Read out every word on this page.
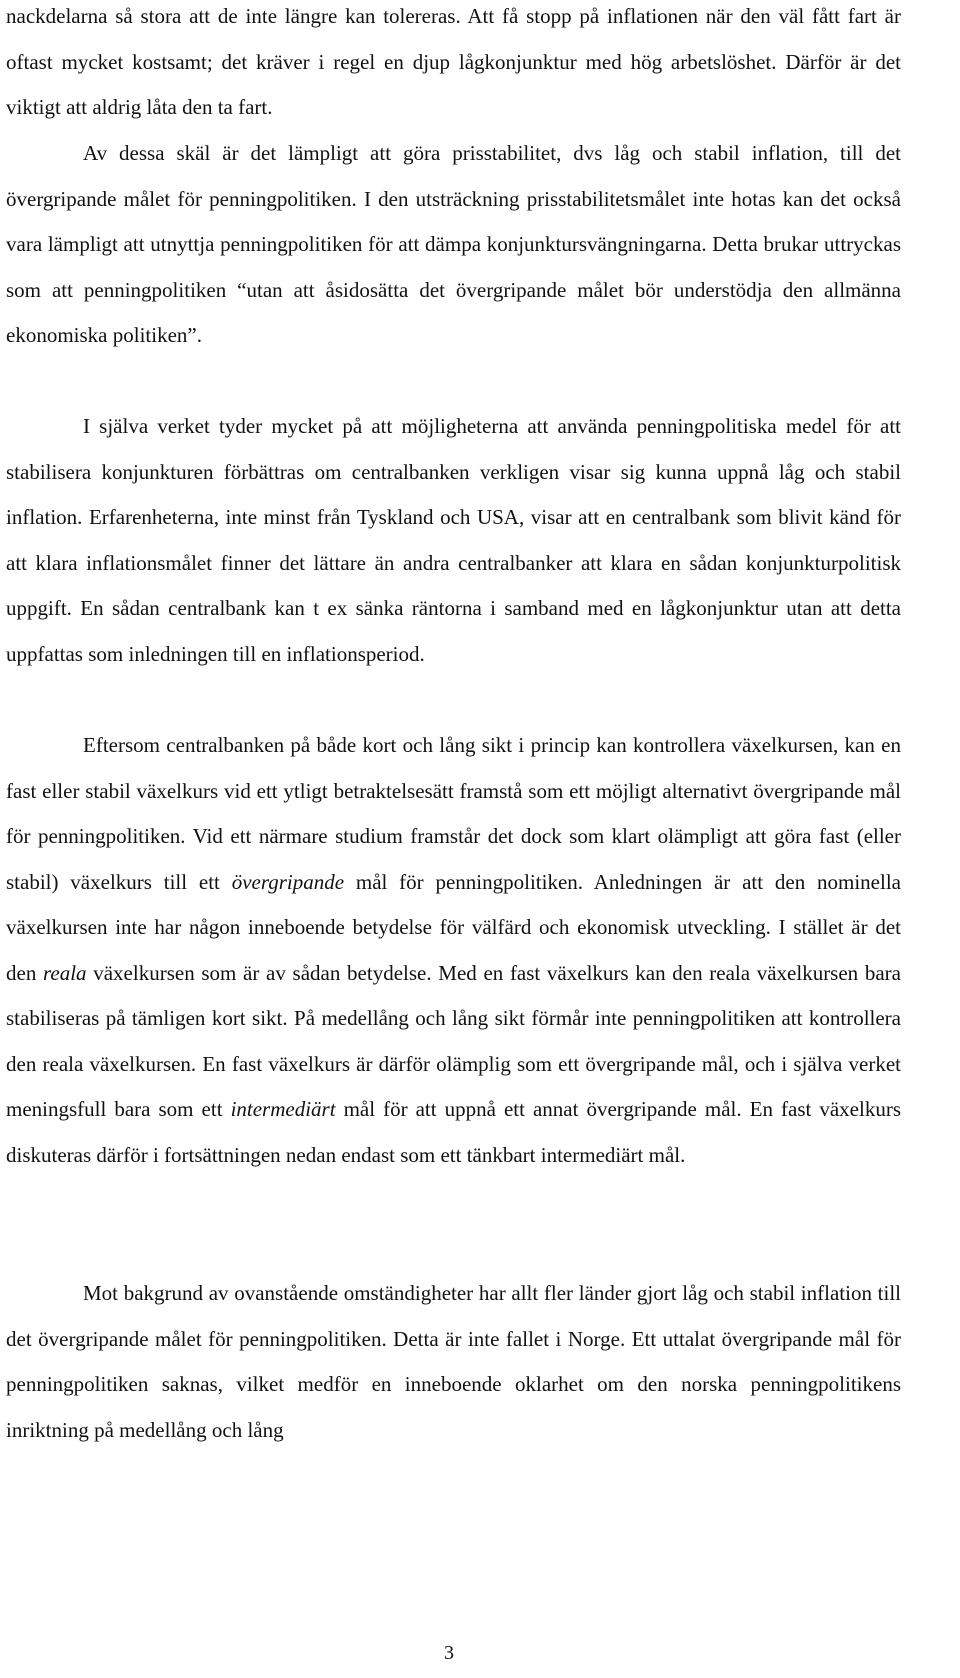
nackdelarna så stora att de inte längre kan tolereras. Att få stopp på inflationen när den väl fått fart är oftast mycket kostsamt; det kräver i regel en djup lågkonjunktur med hög arbetslöshet. Därför är det viktigt att aldrig låta den ta fart.

Av dessa skäl är det lämpligt att göra prisstabilitet, dvs låg och stabil inflation, till det övergripande målet för penningpolitiken. I den utsträckning prisstabilitetsmålet inte hotas kan det också vara lämpligt att utnyttja penningpolitiken för att dämpa konjunktursvängningarna. Detta brukar uttryckas som att penningpolitiken “utan att åsidosätta det övergripande målet bör understödja den allmänna ekonomiska politiken”.

I själva verket tyder mycket på att möjligheterna att använda penningpolitiska medel för att stabilisera konjunkturen förbättras om centralbanken verkligen visar sig kunna uppnå låg och stabil inflation. Erfarenheterna, inte minst från Tyskland och USA, visar att en centralbank som blivit känd för att klara inflationsmålet finner det lättare än andra centralbanker att klara en sådan konjunkturpolitisk uppgift. En sådan centralbank kan t ex sänka räntorna i samband med en lågkonjunktur utan att detta uppfattas som inledningen till en inflationsperiod.

Eftersom centralbanken på både kort och lång sikt i princip kan kontrollera växelkursen, kan en fast eller stabil växelkurs vid ett ytligt betraktelsesätt framstå som ett möjligt alternativt övergripande mål för penningpolitiken. Vid ett närmare studium framstår det dock som klart olämpligt att göra fast (eller stabil) växelkurs till ett övergripande mål för penningpolitiken. Anledningen är att den nominella växelkursen inte har någon inneboende betydelse för välfärd och ekonomisk utveckling. I stället är det den reala växelkursen som är av sådan betydelse. Med en fast växelkurs kan den reala växelkursen bara stabiliseras på tämligen kort sikt. På medellång och lång sikt förmår inte penningpolitiken att kontrollera den reala växelkursen. En fast växelkurs är därför olämplig som ett övergripande mål, och i själva verket meningsfull bara som ett intermediärt mål för att uppnå ett annat övergripande mål. En fast växelkurs diskuteras därför i fortsättningen nedan endast som ett tänkbart intermediärt mål.

Mot bakgrund av ovanstående omständigheter har allt fler länder gjort låg och stabil inflation till det övergripande målet för penningpolitiken. Detta är inte fallet i Norge. Ett uttalat övergripande mål för penningpolitiken saknas, vilket medför en inneboende oklarhet om den norska penningpolitikens inriktning på medellång och lång

3
